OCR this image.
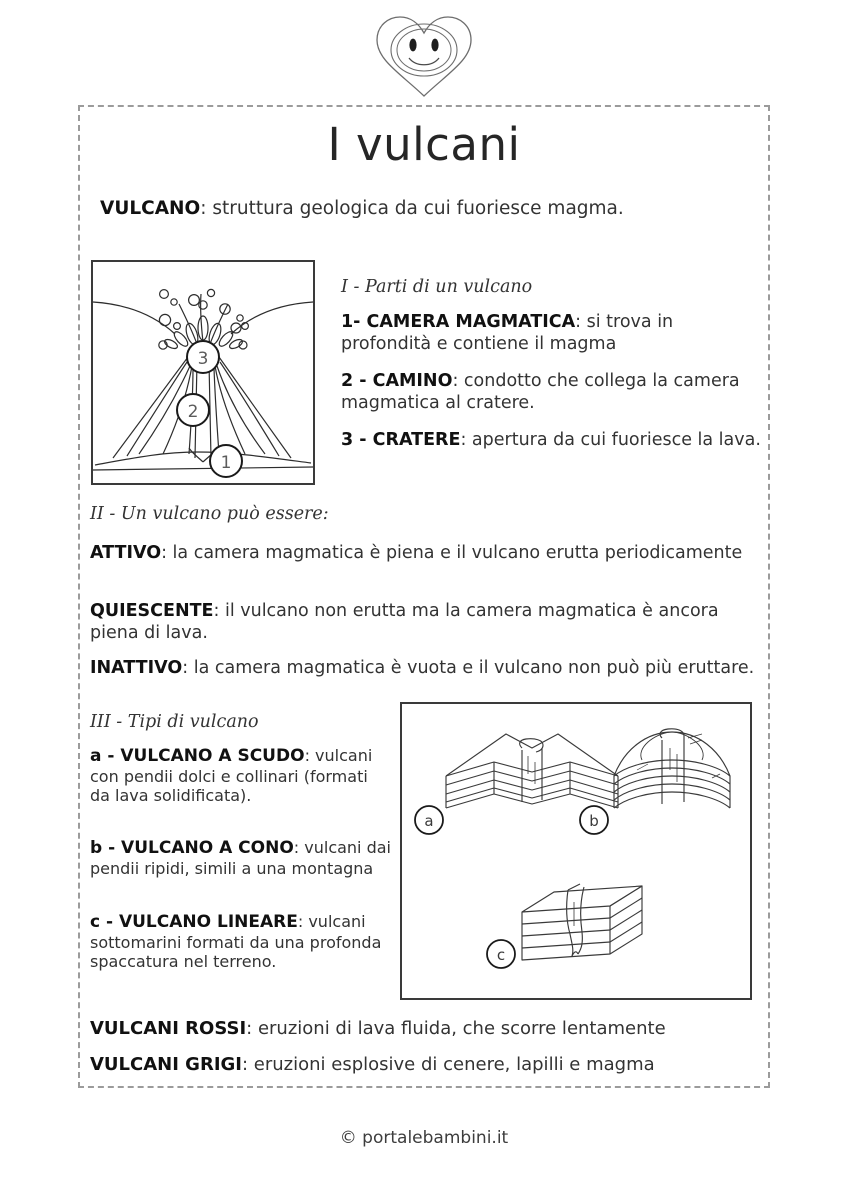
I vulcani
VULCANO: struttura geologica da cui fuoriesce magma.
3
2
1
I - Parti di un vulcano
1- CAMERA MAGMATICA: si trova in profondità e contiene il magma
2 - CAMINO: condotto che collega la camera magmatica al cratere.
3 - CRATERE: apertura da cui fuoriesce la lava.
II - Un vulcano può essere:
ATTIVO: la camera magmatica è piena e il vulcano erutta periodicamente
QUIESCENTE: il vulcano non erutta ma la camera magmatica è ancora piena di lava.
INATTIVO: la camera magmatica è vuota e il vulcano non può più eruttare.
III - Tipi di vulcano
a - VULCANO A SCUDO: vulcani con pendii dolci e collinari (formati da lava solidificata).
b - VULCANO A CONO: vulcani dai pendii ripidi, simili a una montagna
c - VULCANO LINEARE: vulcani sottomarini formati da una profonda spaccatura nel terreno.
a	b
c
VULCANI ROSSI: eruzioni di lava fluida, che scorre lentamente
VULCANI GRIGI: eruzioni esplosive di cenere, lapilli e magma
© portalebambini.it
